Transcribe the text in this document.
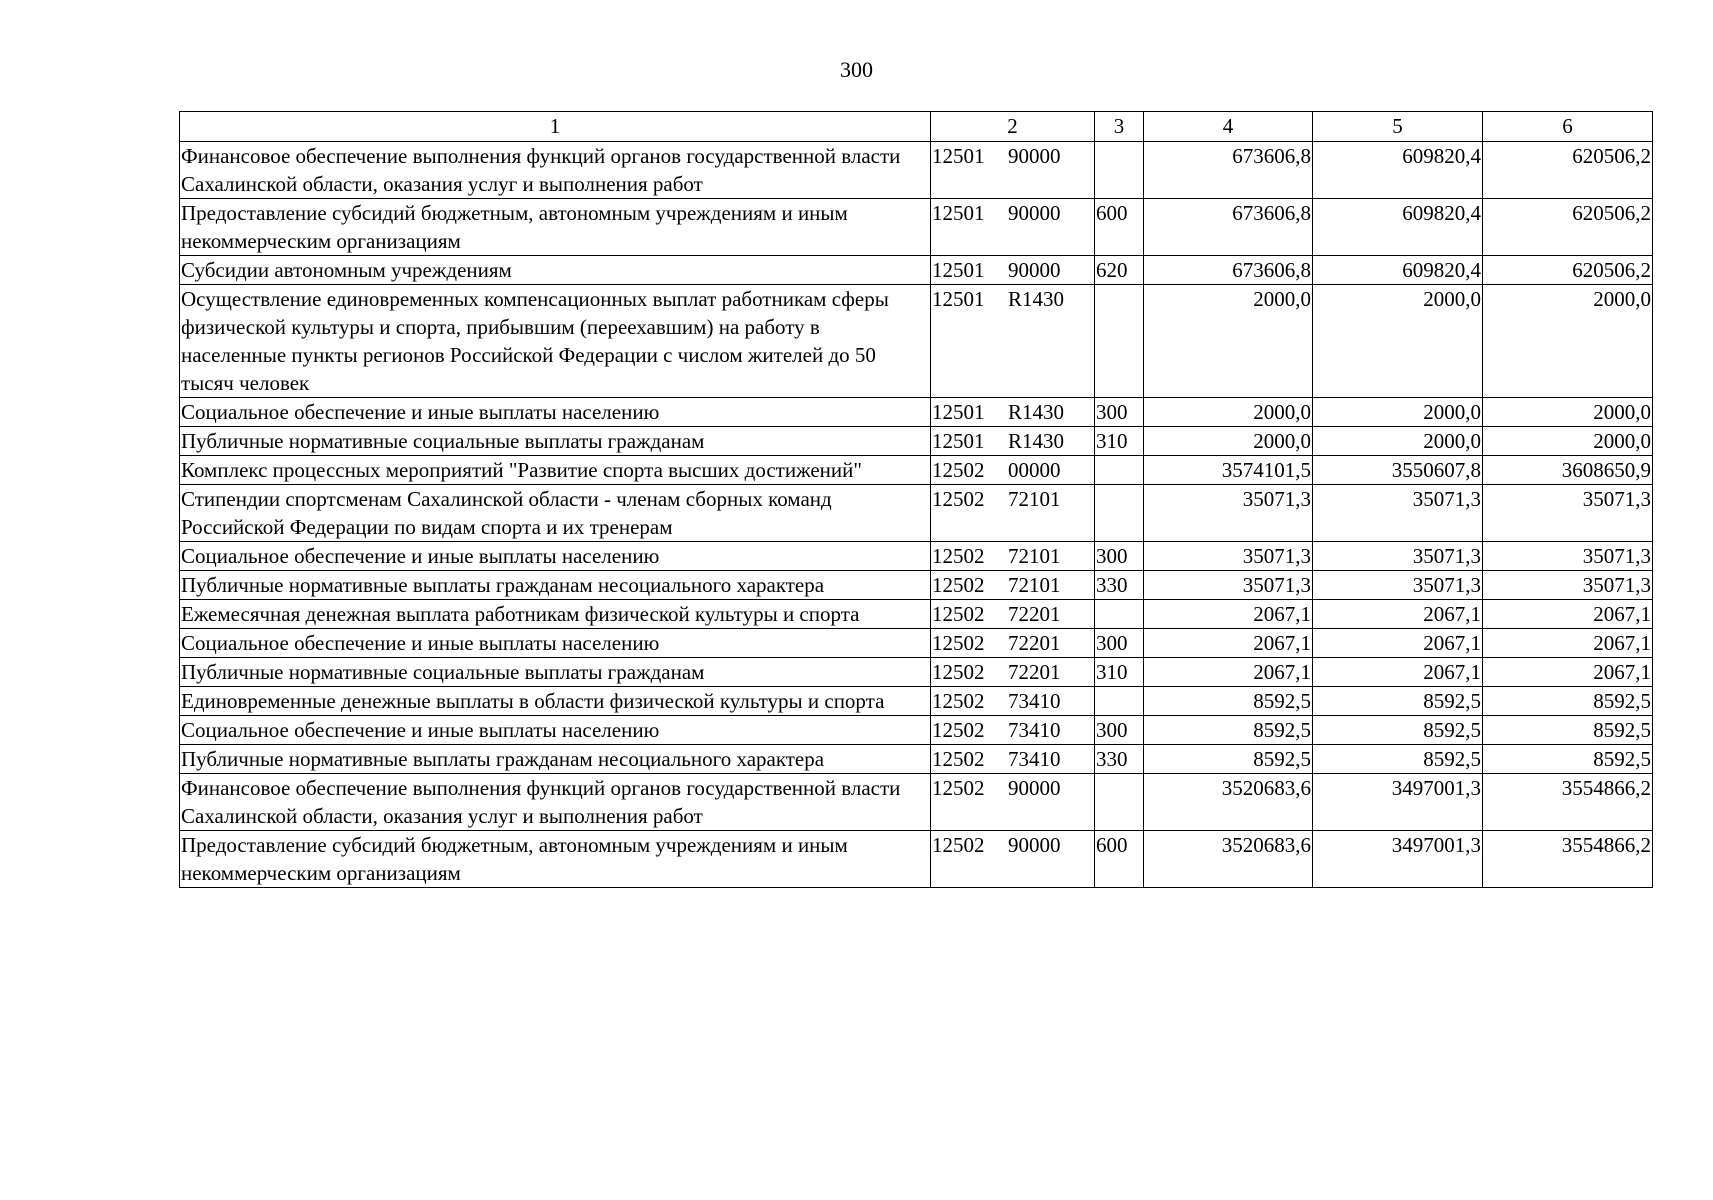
300
1	2	3	4	5	6
Финансовое обеспечение выполнения функций органов государственной власти Сахалинской области, оказания услуг и выполнения работ	12501 90000		673606,8	609820,4	620506,2
Предоставление субсидий бюджетным, автономным учреждениям и иным некоммерческим организациям	12501 90000	600	673606,8	609820,4	620506,2
Субсидии автономным учреждениям	12501 90000	620	673606,8	609820,4	620506,2
Осуществление единовременных компенсационных выплат работникам сферы физической культуры и спорта, прибывшим (переехавшим) на работу в населенные пункты регионов Российской Федерации с числом жителей до 50 тысяч человек	12501 R1430		2000,0	2000,0	2000,0
Социальное обеспечение и иные выплаты населению	12501 R1430	300	2000,0	2000,0	2000,0
Публичные нормативные социальные выплаты гражданам	12501 R1430	310	2000,0	2000,0	2000,0
Комплекс процессных мероприятий "Развитие спорта высших достижений"	12502 00000		3574101,5	3550607,8	3608650,9
Стипендии спортсменам Сахалинской области - членам сборных команд Российской Федерации по видам спорта и их тренерам	12502 72101		35071,3	35071,3	35071,3
Социальное обеспечение и иные выплаты населению	12502 72101	300	35071,3	35071,3	35071,3
Публичные нормативные выплаты гражданам несоциального характера	12502 72101	330	35071,3	35071,3	35071,3
Ежемесячная денежная выплата работникам физической культуры и спорта	12502 72201		2067,1	2067,1	2067,1
Социальное обеспечение и иные выплаты населению	12502 72201	300	2067,1	2067,1	2067,1
Публичные нормативные социальные выплаты гражданам	12502 72201	310	2067,1	2067,1	2067,1
Единовременные денежные выплаты в области физической культуры и спорта	12502 73410		8592,5	8592,5	8592,5
Социальное обеспечение и иные выплаты населению	12502 73410	300	8592,5	8592,5	8592,5
Публичные нормативные выплаты гражданам несоциального характера	12502 73410	330	8592,5	8592,5	8592,5
Финансовое обеспечение выполнения функций органов государственной власти Сахалинской области, оказания услуг и выполнения работ	12502 90000		3520683,6	3497001,3	3554866,2
Предоставление субсидий бюджетным, автономным учреждениям и иным некоммерческим организациям	12502 90000	600	3520683,6	3497001,3	3554866,2
